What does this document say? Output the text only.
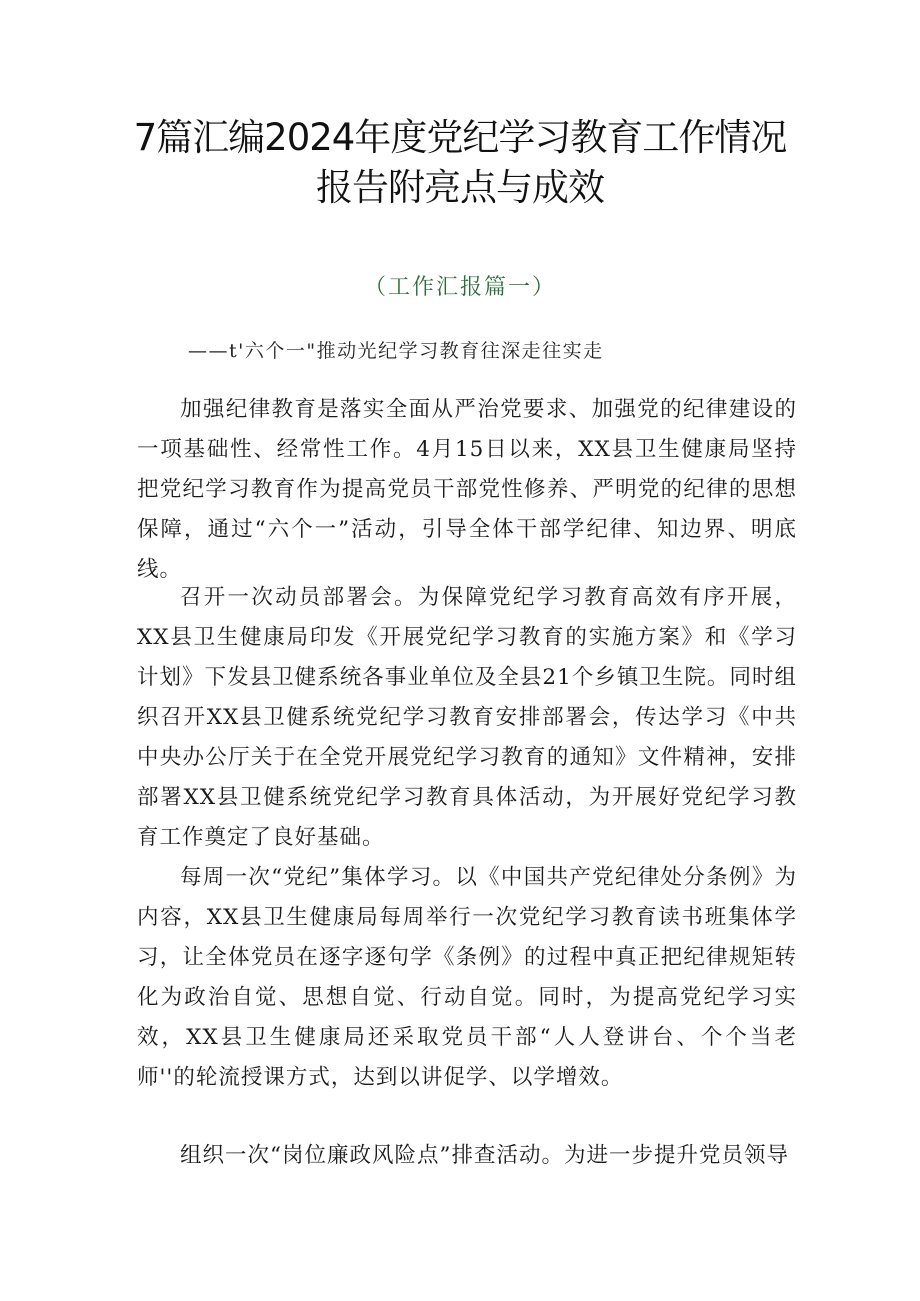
7篇汇编2024年度党纪学习教育工作情况
报告附亮点与成效
（工作汇报篇一）
——t'六个一"推动光纪学习教育往深走往实走
加强纪律教育是落实全面从严治党要求、加强党的纪律建设的一项基础性、经常性工作。4月15日以来，XX县卫生健康局坚持把党纪学习教育作为提高党员干部党性修养、严明党的纪律的思想保障，通过“六个一”活动，引导全体干部学纪律、知边界、明底线。
召开一次动员部署会。为保障党纪学习教育高效有序开展，XX县卫生健康局印发《开展党纪学习教育的实施方案》和《学习计划》下发县卫健系统各事业单位及全县21个乡镇卫生院。同时组织召开XX县卫健系统党纪学习教育安排部署会，传达学习《中共中央办公厅关于在全党开展党纪学习教育的通知》文件精神，安排部署XX县卫健系统党纪学习教育具体活动，为开展好党纪学习教育工作奠定了良好基础。
每周一次“党纪”集体学习。以《中国共产党纪律处分条例》为内容，XX县卫生健康局每周举行一次党纪学习教育读书班集体学习，让全体党员在逐字逐句学《条例》的过程中真正把纪律规矩转化为政治自觉、思想自觉、行动自觉。同时，为提高党纪学习实效，XX县卫生健康局还采取党员干部“人人登讲台、个个当老师''的轮流授课方式，达到以讲促学、以学增效。
组织一次“岗位廉政风险点”排查活动。为进一步提升党员领导
